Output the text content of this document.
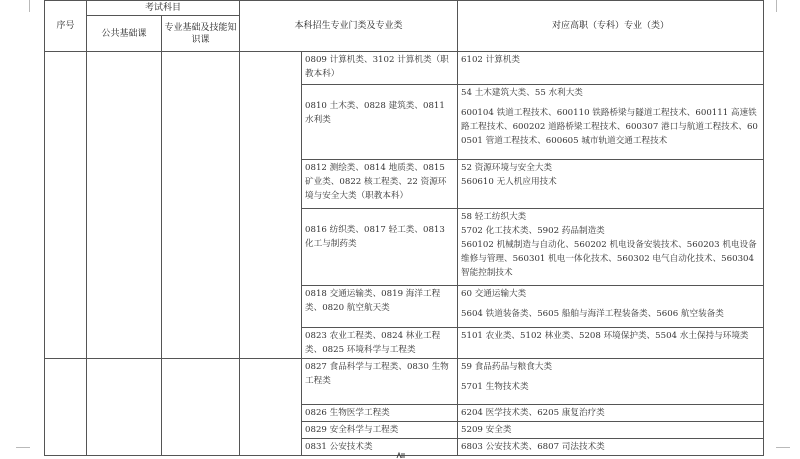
序号	考试科目		本科招生专业门类及专业类		对应高职（专科）专业（类）
	公共基础课	专业基础及技能知识课			
				0809 计算机类、3102 计算机类（职教本科）	6102 计算机类

0810 土木类、0828 建筑类、0811 水利类	54 土木建筑大类、55 水利大类
600104 铁道工程技术、600110 铁路桥梁与隧道工程技术、600111 高速铁路工程技术、600202 道路桥梁工程技术、600307 港口与航道工程技术、600501 管道工程技术、600605 城市轨道交通工程技术

				0812 测绘类、0814 地质类、0815 矿业类、0822 核工程类、22 资源环境与安全大类（职教本科）	52 资源环境与安全大类
560610 无人机应用技术

0816 纺织类、0817 轻工类、0813 化工与制药类	58 轻工纺织大类
5702 化工技术类、5902 药品制造类
560102 机械制造与自动化、560202 机电设备安装技术、560203 机电设备维修与管理、560301 机电一体化技术、560302 电气自动化技术、560304 智能控制技术

				0818 交通运输类、0819 海洋工程类、0820 航空航天类	60 交通运输大类
5604 铁道装备类、5605 船舶与海洋工程装备类、5606 航空装备类

				0823 农业工程类、0824 林业工程类、0825 环境科学与工程类	5101 农业类、5102 林业类、5208 环境保护类、5504 水土保持与环境类

				0827 食品科学与工程类、0830 生物工程类	59 食品药品与粮食大类
5701 生物技术类

				0826 生物医学工程类	6204 医学技术类、6205 康复治疗类

				0829 安全科学与工程类	5209 安全类

				0831 公安技术类	6803 公安技术类、6807 司法技术类
